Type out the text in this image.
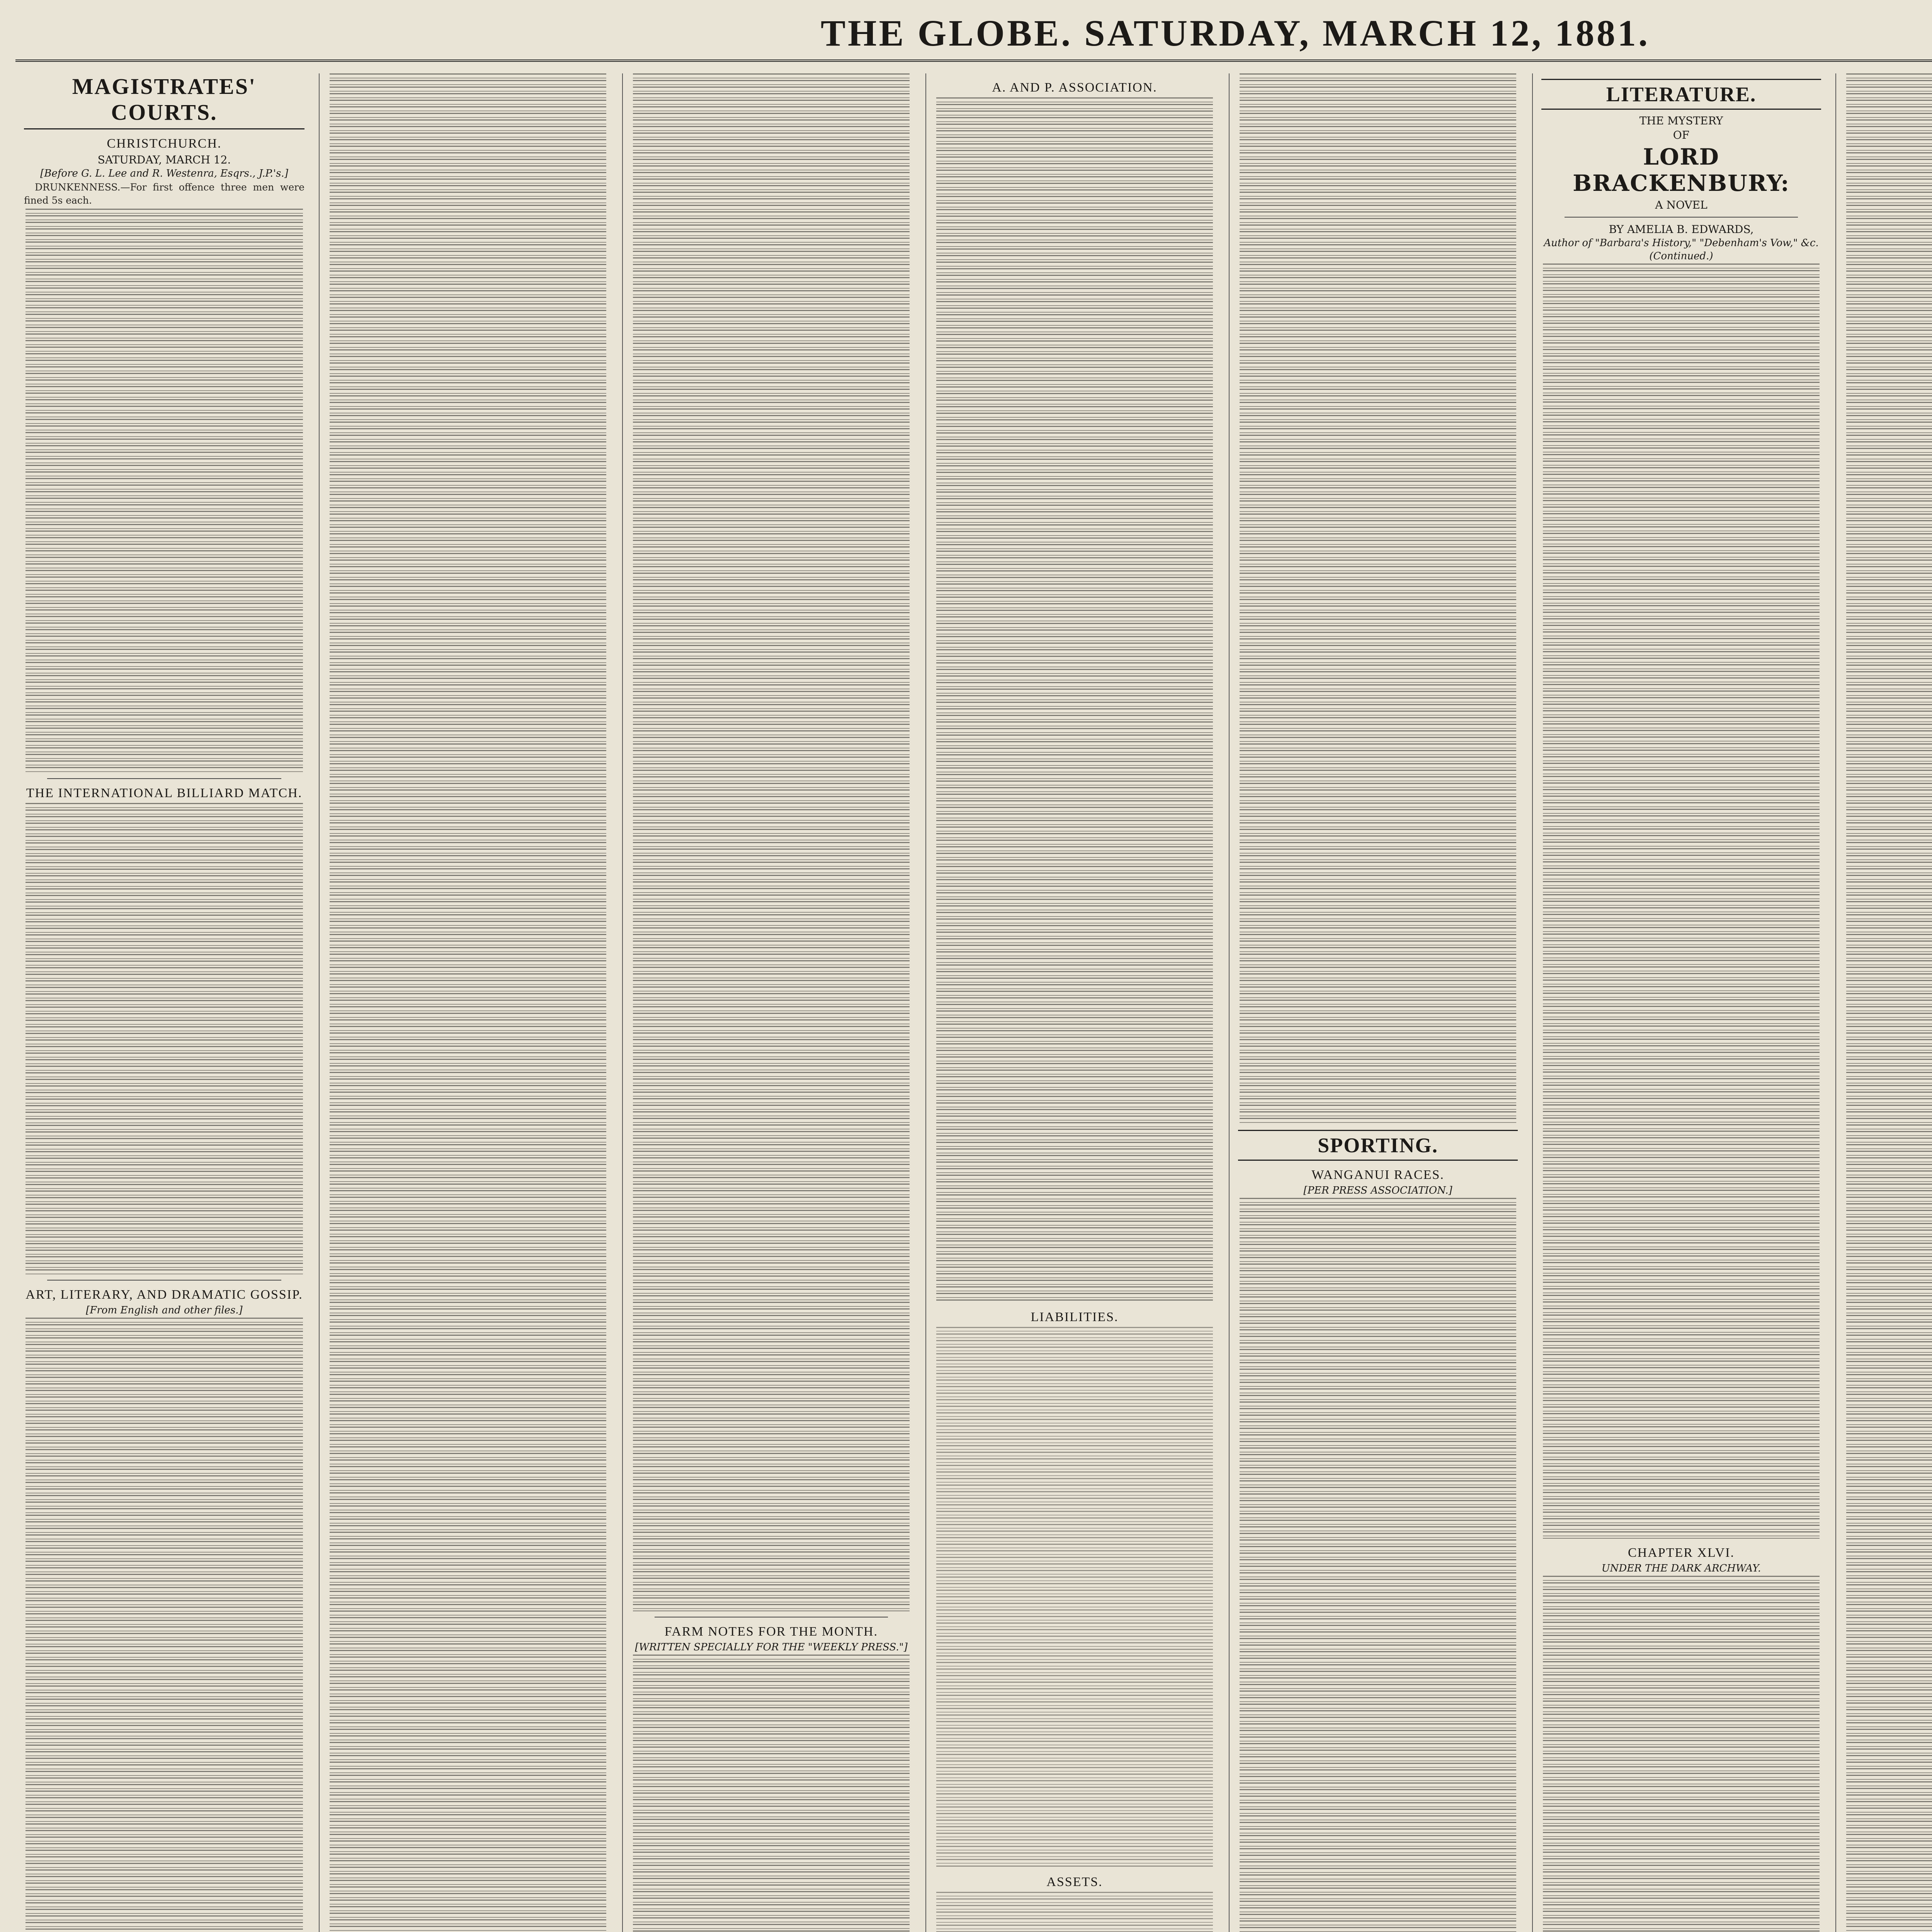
THE GLOBE. SATURDAY, MARCH 12, 1881.
MAGISTRATES' COURTS.
CHRISTCHURCH.
SATURDAY, MARCH 12.
[Before G. L. Lee and R. Westenra, Esqrs., J.P.'s.]

DRUNKENNESS.—For first offence three men were fined 5s each.

THE INTERNATIONAL BILLIARD MATCH.
ART, LITERARY, AND DRAMATIC GOSSIP.
[From English and other files.]
FARM NOTES FOR THE MONTH.
[WRITTEN SPECIALLY FOR THE "WEEKLY PRESS."]
A. AND P. ASSOCIATION.
LIABILITIES.
ASSETS.
SPORTING.
WANGANUI RACES.
[PER PRESS ASSOCIATION.]
LITERATURE.
THE MYSTERY
OF
LORD BRACKENBURY:
A NOVEL
BY AMELIA B. EDWARDS,
Author of "Barbara's History," "Debenham's Vow," &c.
(Continued.)
CHAPTER XLVI.
UNDER THE DARK ARCHWAY.
